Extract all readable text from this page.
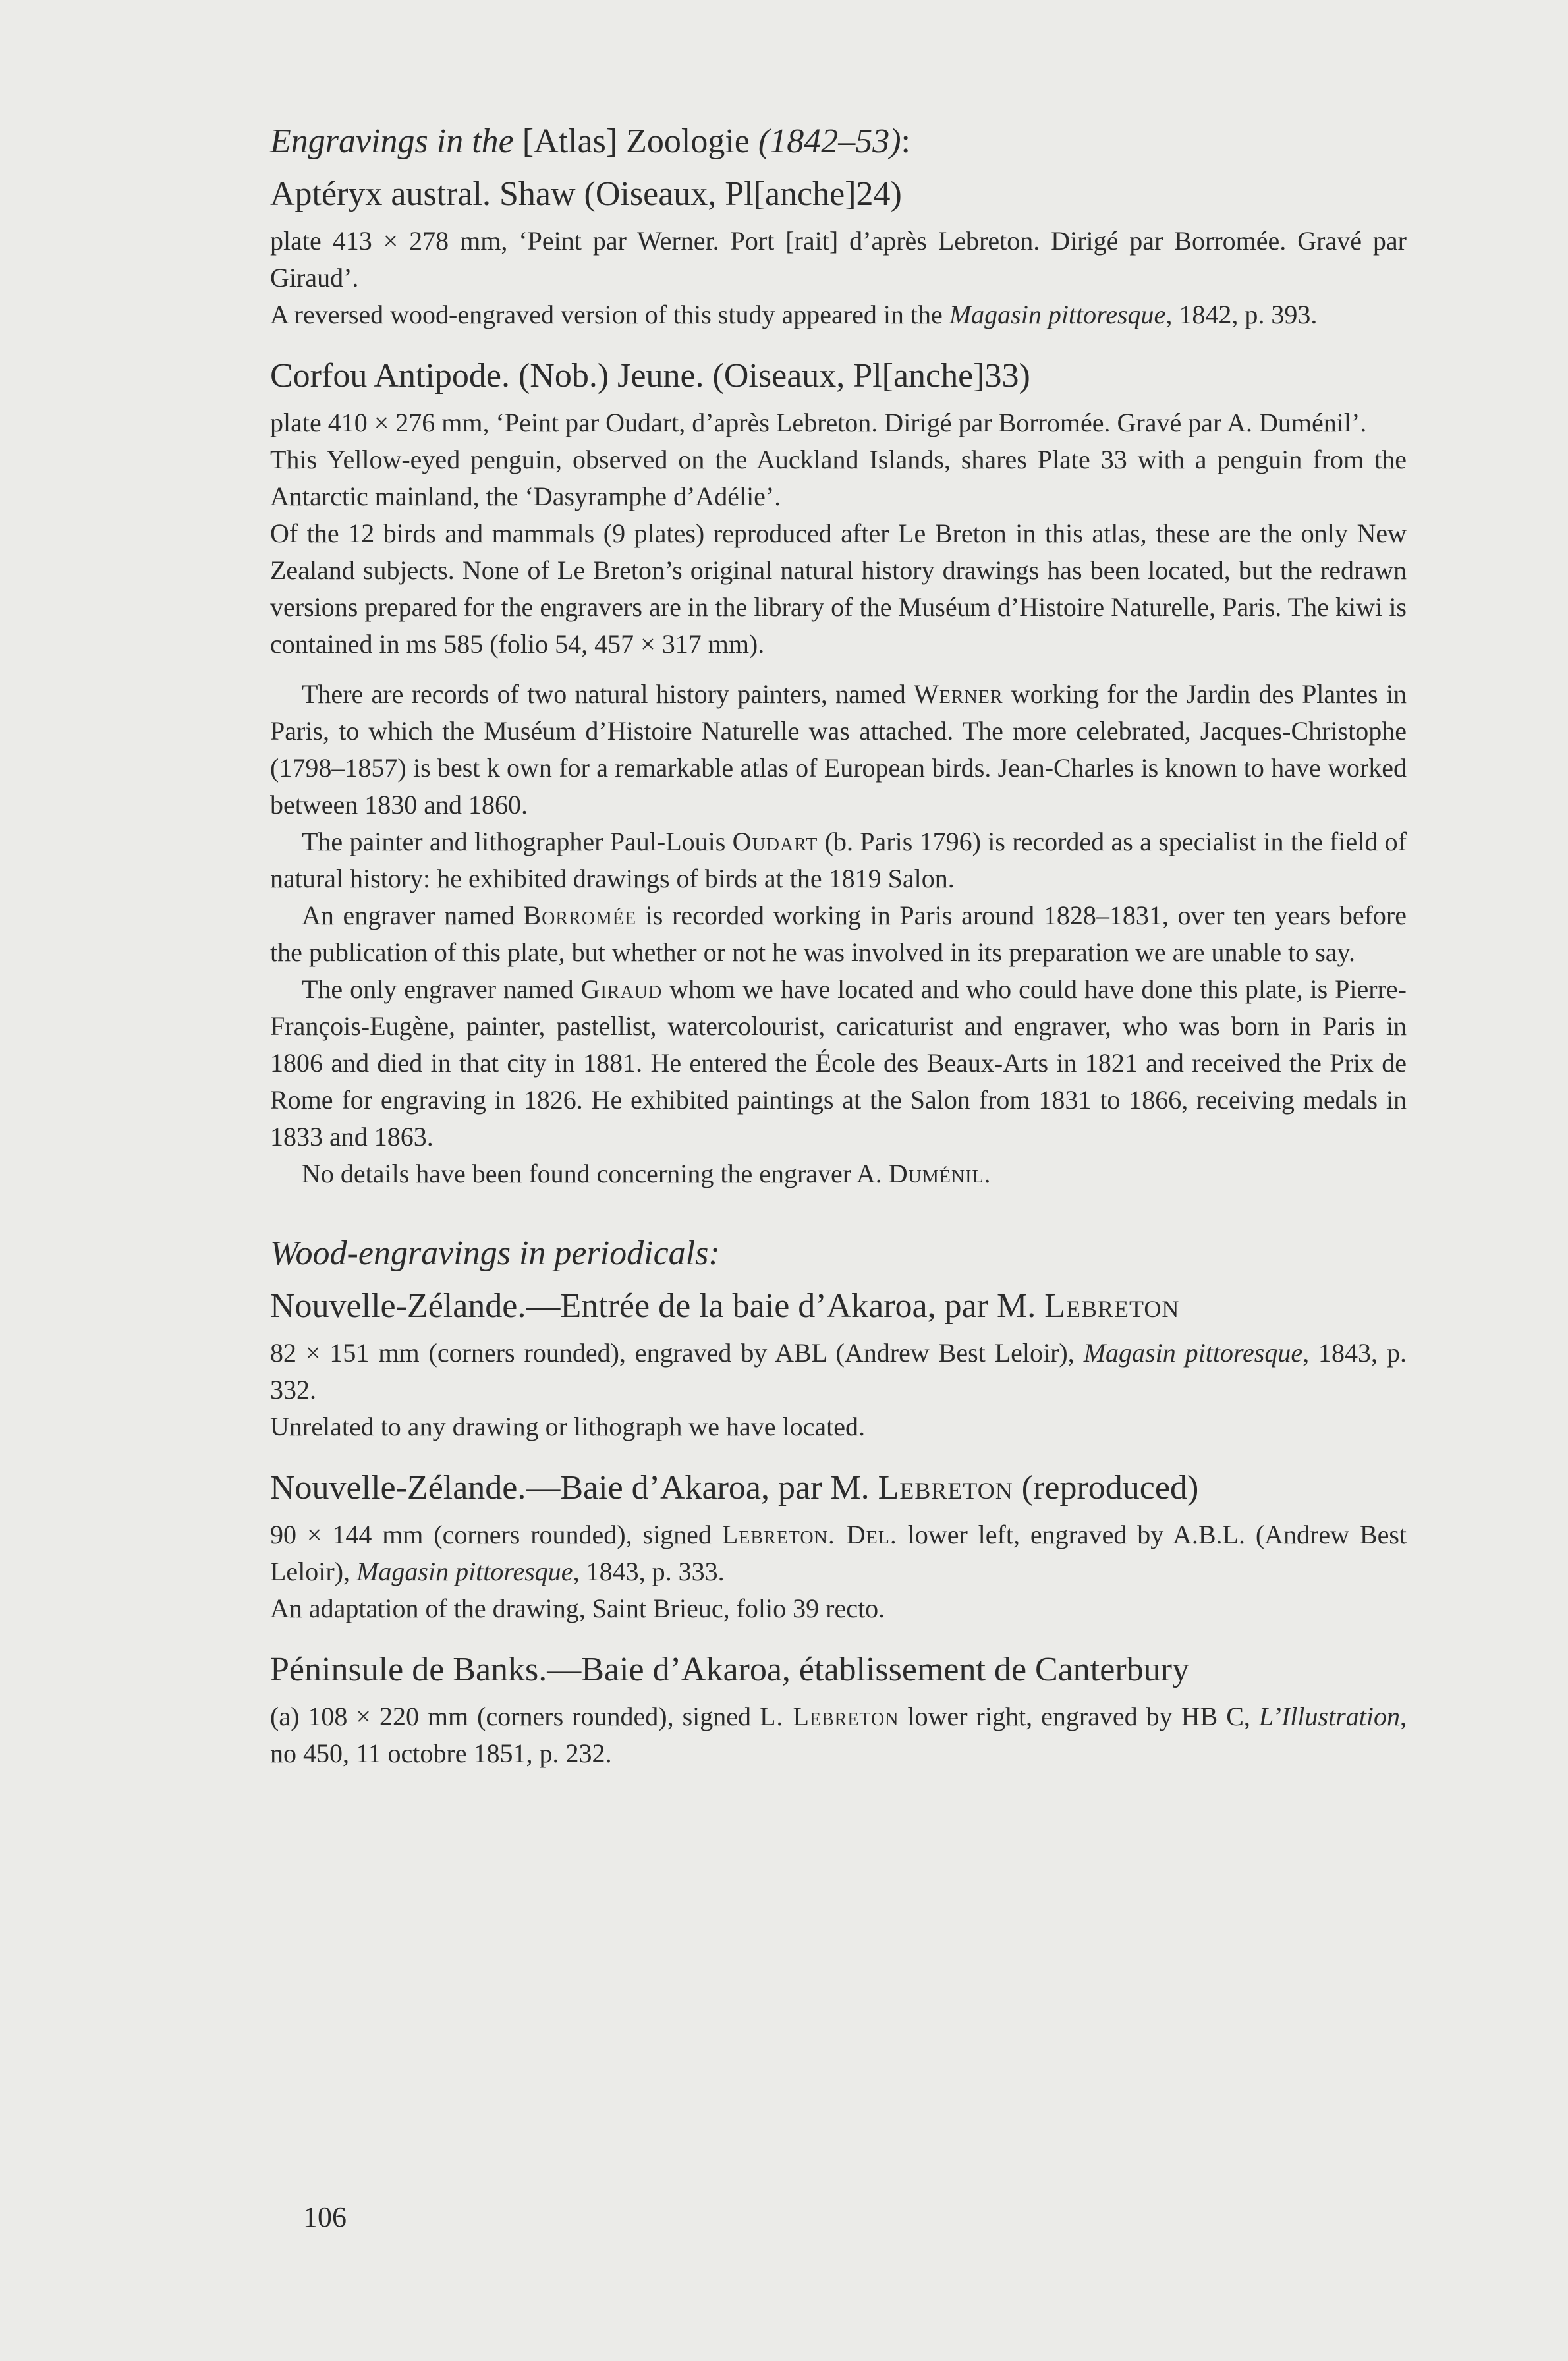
Engravings in the [Atlas] Zoologie (1842–53):
Aptéryx austral. Shaw (Oiseaux, Pl[anche]24)

plate 413 × 278 mm, ‘Peint par Werner. Port [rait] d’après Lebreton. Dirigé par Borromée. Gravé par Giraud’.

A reversed wood-engraved version of this study appeared in the Magasin pittoresque, 1842, p. 393.

Corfou Antipode. (Nob.) Jeune. (Oiseaux, Pl[anche]33)

plate 410 × 276 mm, ‘Peint par Oudart, d’après Lebreton. Dirigé par Borromée. Gravé par A. Duménil’.

This Yellow-eyed penguin, observed on the Auckland Islands, shares Plate 33 with a penguin from the Antarctic mainland, the ‘Dasyramphe d’Adélie’.

Of the 12 birds and mammals (9 plates) reproduced after Le Breton in this atlas, these are the only New Zealand subjects. None of Le Breton’s original natural history drawings has been located, but the redrawn versions prepared for the engravers are in the library of the Muséum d’Histoire Naturelle, Paris. The kiwi is contained in ms 585 (folio 54, 457 × 317 mm).

There are records of two natural history painters, named Werner working for the Jardin des Plantes in Paris, to which the Muséum d’Histoire Naturelle was attached. The more celebrated, Jacques-Christophe (1798–1857) is best k own for a remarkable atlas of European birds. Jean-Charles is known to have worked between 1830 and 1860.

The painter and lithographer Paul-Louis Oudart (b. Paris 1796) is recorded as a specialist in the field of natural history: he exhibited drawings of birds at the 1819 Salon.

An engraver named Borromée is recorded working in Paris around 1828–1831, over ten years before the publication of this plate, but whether or not he was involved in its preparation we are unable to say.

The only engraver named Giraud whom we have located and who could have done this plate, is Pierre-François-Eugène, painter, pastellist, watercolourist, caricaturist and engraver, who was born in Paris in 1806 and died in that city in 1881. He entered the École des Beaux-Arts in 1821 and received the Prix de Rome for engraving in 1826. He exhibited paintings at the Salon from 1831 to 1866, receiving medals in 1833 and 1863.

No details have been found concerning the engraver A. Duménil.

Wood-engravings in periodicals:
Nouvelle-Zélande.—Entrée de la baie d’Akaroa, par M. Lebreton

82 × 151 mm (corners rounded), engraved by ABL (Andrew Best Leloir), Magasin pittoresque, 1843, p. 332.

Unrelated to any drawing or lithograph we have located.

Nouvelle-Zélande.—Baie d’Akaroa, par M. Lebreton (reproduced)

90 × 144 mm (corners rounded), signed Lebreton. Del. lower left, engraved by A.B.L. (Andrew Best Leloir), Magasin pittoresque, 1843, p. 333.

An adaptation of the drawing, Saint Brieuc, folio 39 recto.

Péninsule de Banks.—Baie d’Akaroa, établissement de Canterbury

(a) 108 × 220 mm (corners rounded), signed L. Lebreton lower right, engraved by HB C, L’Illustration, no 450, 11 octobre 1851, p. 232.

106
